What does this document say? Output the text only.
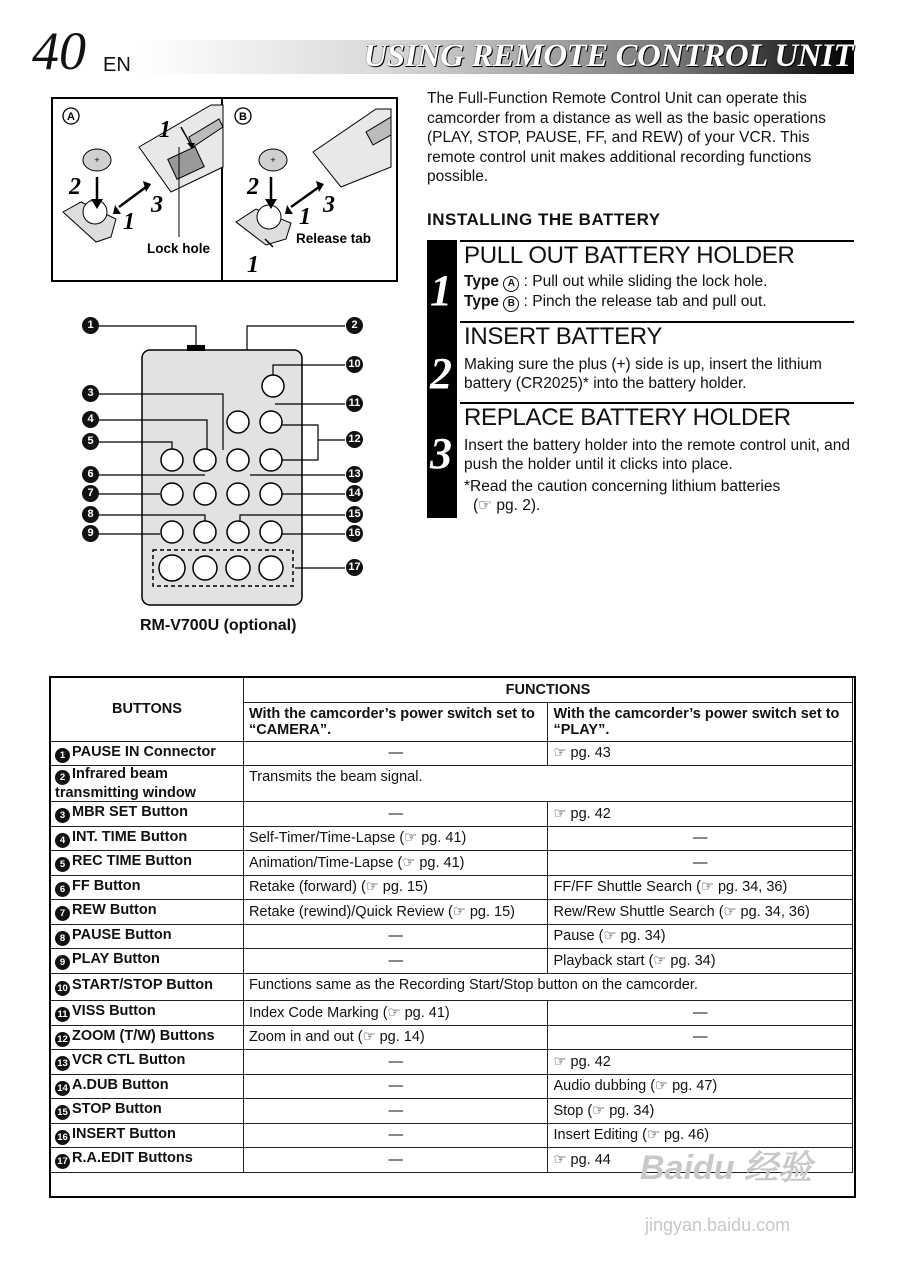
40 EN	USING REMOTE CONTROL UNIT
A
+
1
2
3
1
Lock hole
B
+
2
3
1
1
Release tab
The Full-Function Remote Control Unit can operate this camcorder from a distance as well as the basic operations (PLAY, STOP, PAUSE, FF, and REW) of your VCR. This remote control unit makes additional recording functions possible.
INSTALLING THE BATTERY
1
PULL OUT BATTERY HOLDER
Type A : Pull out while sliding the lock hole.
Type B : Pinch the release tab and pull out.
2
INSERT BATTERY
Making sure the plus (+) side is up, insert the lithium battery (CR2025)* into the battery holder.
3
REPLACE BATTERY HOLDER
Insert the battery holder into the remote control unit, and push the holder until it clicks into place.
*Read the caution concerning lithium batteries
(☞ pg. 2).
1	2
3
4
5
6
7
8
9
10
11
12
13
14
15
16
17
RM-V700U (optional)
BUTTONS	FUNCTIONS	
	With the camcorder’s power switch set to “CAMERA”.	With the camcorder’s power switch set to “PLAY”.
1 PAUSE IN Connector	—	☞ pg. 43
2 Infrared beam transmitting window	Transmits the beam signal.	
3 MBR SET Button	—	☞ pg. 42
4 INT. TIME Button	Self-Timer/Time-Lapse (☞ pg. 41)	—
5 REC TIME Button	Animation/Time-Lapse (☞ pg. 41)	—
6 FF Button	Retake (forward) (☞ pg. 15)	FF/FF Shuttle Search (☞ pg. 34, 36)
7 REW Button	Retake (rewind)/Quick Review (☞ pg. 15)	Rew/Rew Shuttle Search (☞ pg. 34, 36)
8 PAUSE Button	—	Pause (☞ pg. 34)
9 PLAY Button	—	Playback start (☞ pg. 34)
10 START/STOP Button	Functions same as the Recording Start/Stop button on the camcorder.	
11 VISS Button	Index Code Marking (☞ pg. 41)	—
12 ZOOM (T/W) Buttons	Zoom in and out (☞ pg. 14)	—
13 VCR CTL Button	—	☞ pg. 42
14 A.DUB Button	—	Audio dubbing (☞ pg. 47)
15 STOP Button	—	Stop (☞ pg. 34)
16 INSERT Button	—	Insert Editing (☞ pg. 46)
17 R.A.EDIT Buttons	—	☞ pg. 44 Baidu 经验
jingyan.baidu.com
